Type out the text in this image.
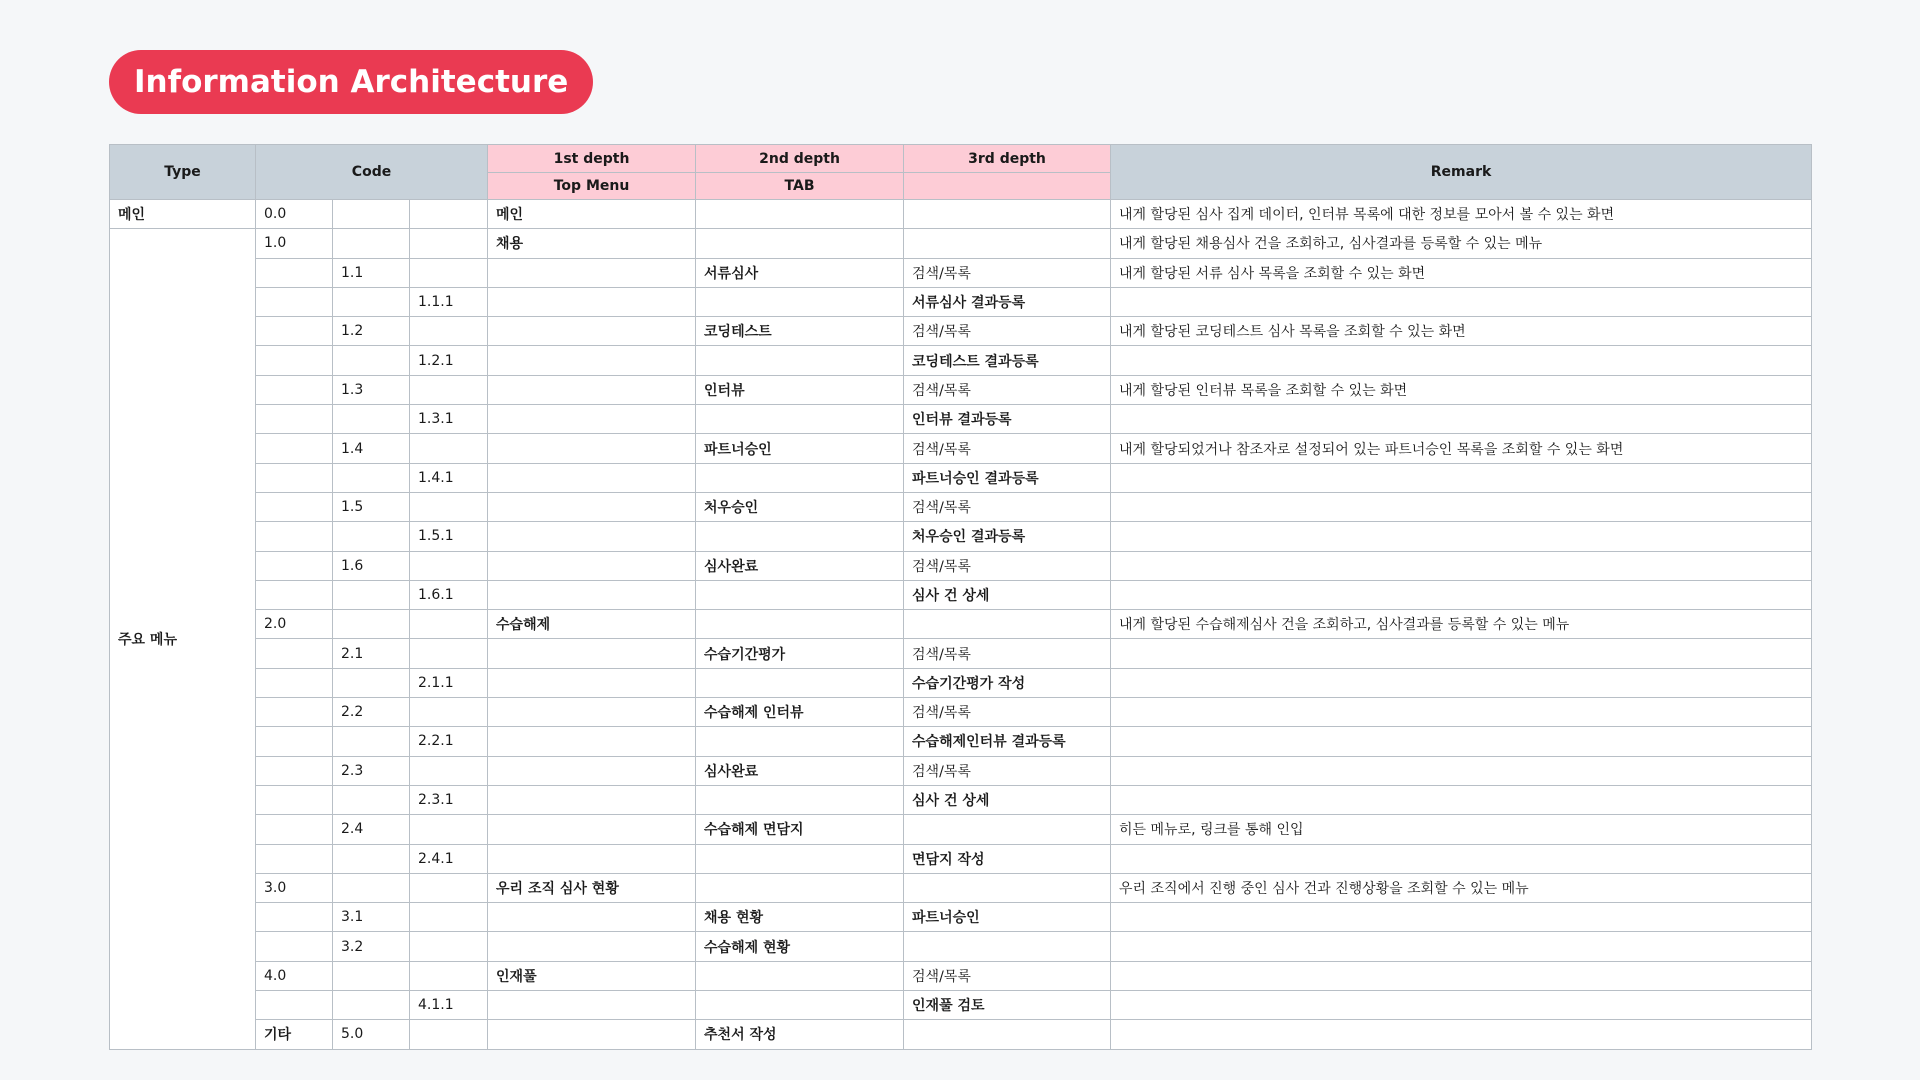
Information Architecture
Type	Code			1st depth	2nd depth	3rd depth	Remark	
				Top Menu	TAB			
메인	0.0			메인			내게 할당된 심사 집계 데이터, 인터뷰 목록에 대한 정보를 모아서 볼 수 있는 화면	
주요 메뉴	1.0			채용			내게 할당된 채용심사 건을 조회하고, 심사결과를 등록할 수 있는 메뉴	
		1.1			서류심사	검색/목록	내게 할당된 서류 심사 목록을 조회할 수 있는 화면	
			1.1.1			서류심사 결과등록		
		1.2			코딩테스트	검색/목록	내게 할당된 코딩테스트 심사 목록을 조회할 수 있는 화면	
			1.2.1			코딩테스트 결과등록		
		1.3			인터뷰	검색/목록	내게 할당된 인터뷰 목록을 조회할 수 있는 화면	
			1.3.1			인터뷰 결과등록		
		1.4			파트너승인	검색/목록	내게 할당되었거나 참조자로 설정되어 있는 파트너승인 목록을 조회할 수 있는 화면	
			1.4.1			파트너승인 결과등록		
		1.5			처우승인	검색/목록		
			1.5.1			처우승인 결과등록		
		1.6			심사완료	검색/목록		
			1.6.1			심사 건 상세		
	2.0			수습해제			내게 할당된 수습해제심사 건을 조회하고, 심사결과를 등록할 수 있는 메뉴	
		2.1			수습기간평가	검색/목록		
			2.1.1			수습기간평가 작성		
		2.2			수습해제 인터뷰	검색/목록		
			2.2.1			수습해제인터뷰 결과등록		
		2.3			심사완료	검색/목록		
			2.3.1			심사 건 상세		
		2.4			수습해제 면담지		히든 메뉴로, 링크를 통해 인입	
			2.4.1			면담지 작성		
	3.0			우리 조직 심사 현황			우리 조직에서 진행 중인 심사 건과 진행상황을 조회할 수 있는 메뉴	
		3.1			채용 현황	파트너승인		
		3.2			수습해제 현황			
	4.0			인재풀		검색/목록		
			4.1.1			인재풀 검토		
	기타	5.0			추천서 작성			
